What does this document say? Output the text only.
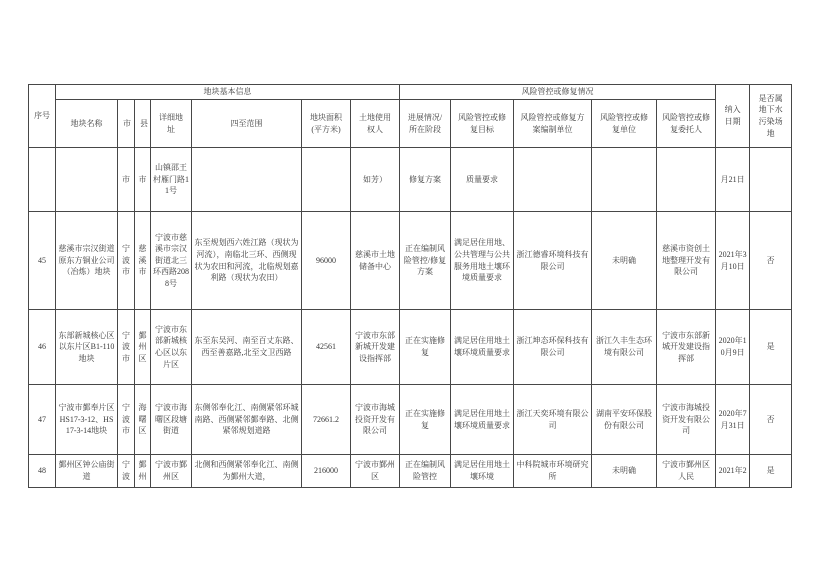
序号	地块基本信息							风险管控或修复情况					纳入日期	是否属地下水污染场地
	地块名称	市	县	详细地址	四至范围	地块面积(平方米)	土地使用权人	进展情况/所在阶段	风险管控或修复目标	风险管控或修复方案编制单位	风险管控或修复单位	风险管控或修复委托人		
		市	市	山镇邵王村雁门路11号			如芳）	修复方案	质量要求				月21日	
45	慈溪市宗汉街道原东方铜业公司（冶炼）地块	宁波市	慈溪市	宁波市慈溪市宗汉街道北三环西路2088号	东至规划西六姓江路（现状为河流），南临北三环、西侧现状为农田和河流，北临规划嘉利路（现状为农田）	96000	慈溪市土地储备中心	正在编制风险管控/修复方案	满足居住用地、公共管理与公共服务用地土壤环境质量要求	浙江德睿环境科技有限公司	未明确	慈溪市资创土地整理开发有限公司	2021年3月10日	否
46	东部新城核心区以东片区B1-110地块	宁波市	鄞州区	宁波市东部新城核心区以东片区	东至东吴河、南至百丈东路、西至善嘉路,北至文卫西路	42561	宁波市东部新城开发建设指挥部	正在实施修复	满足居住用地土壤环境质量要求	浙江坤态环保科技有限公司	浙江久丰生态环境有限公司	宁波市东部新城开发建设指挥部	2020年10月9日	是
47	宁波市鄞奉片区HS17-3-12、HS17-3-14地块	宁波市	海曙区	宁波市海曙区段塘街道	东侧邻奉化江、南侧紧邻环城南路、西侧紧邻鄞奉路、北侧紧邻规划道路	72661.2	宁波市海城投资开发有限公司	正在实施修复	满足居住用地土壤环境质量要求	浙江天奕环境有限公司	湖南平安环保股份有限公司	宁波市海城投资开发有限公司	2020年7月31日	否
48	鄞州区钟公庙街道	宁波	鄞州	宁波市鄞州区	北侧和西侧紧邻奉化江、南侧为鄞州大道，	216000	宁波市鄞州区	正在编制风险管控	满足居住用地土壤环境	中科院城市环境研究所	未明确	宁波市鄞州区人民	2021年2	是
